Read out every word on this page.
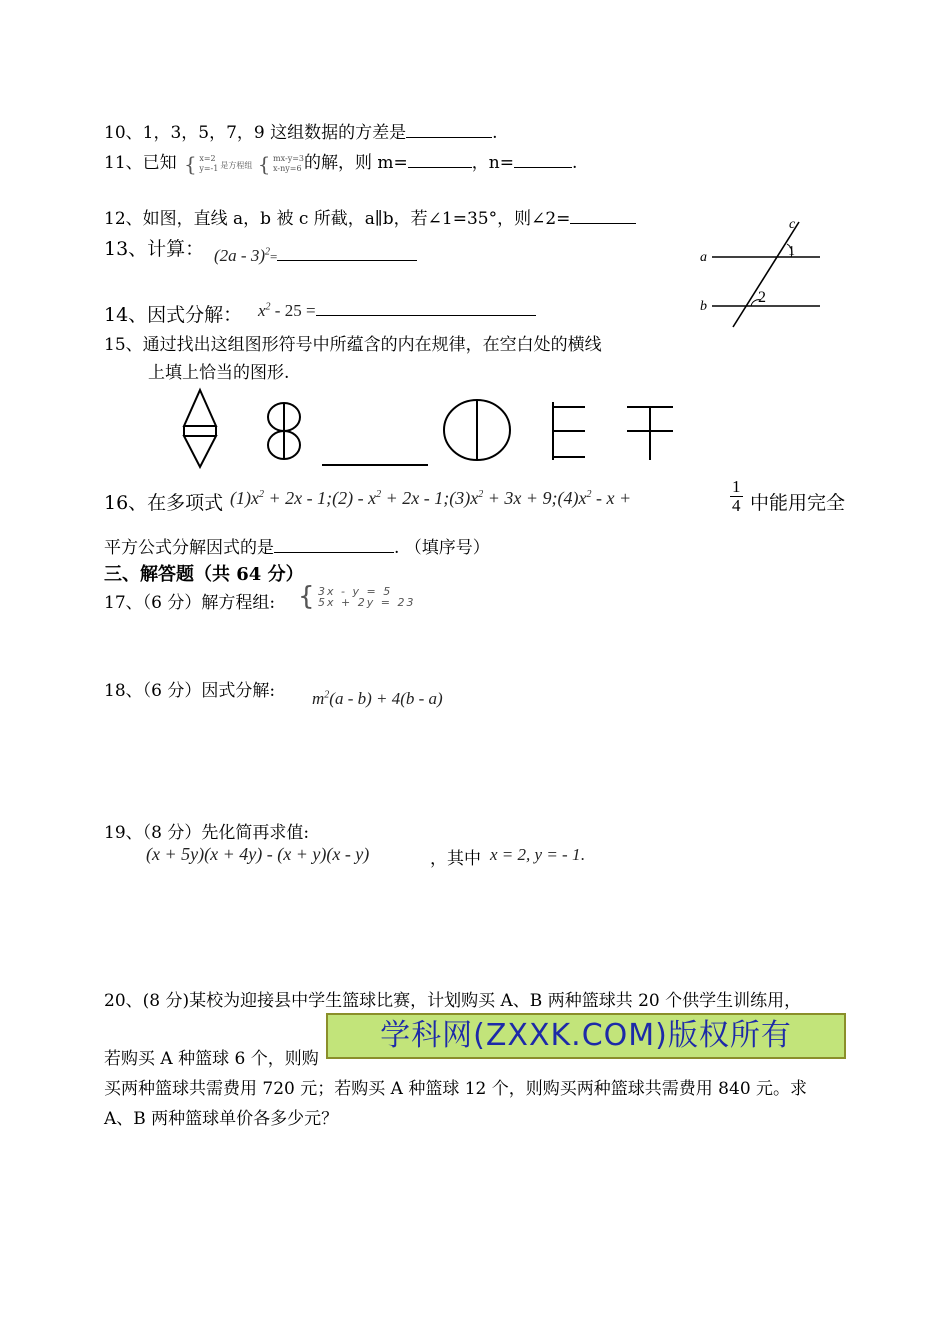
10、1，3，5，7，9 这组数据的方差是	.
11、已知 { x=2
y=-1 是方程组 { mx-y=3
x-ny=6 的解，则 m=	，n=	.
12、如图，直线 a，b 被 c 所截，a∥b，若∠1=35°，则∠2=
13、计算： (2a - 3)$^2$=
14、因式分解： $x^2 - 25$ =
15、通过找出这组图形符号中所蕴含的内在规律，在空白处的横线
上填上恰当的图形.
a
b
c
1
2
16、在多项式 $(1)x^2 + 2x$ - 1;(2) - $x^2 + 2x$ - $1;(3)x^2 + 3x$ + $9;(4)x^2$ - x +	$\frac{1}{4}$ 中能用完全
平方公式分解因式的是	. （填序号）
三、解答题（共 64 分）
17、（6 分）解方程组: { 3x - y = 5
5x + 2y = 23
18、（6 分）因式分解: $m^2(a - b) + 4(b - a)$
19、（8 分）先化简再求值:
(x + 5y)(x + 4y) - (x + y)(x - y)	，其中 x = 2, y = - 1.
20、(8 分)某校为迎接县中学生篮球比赛，计划购买 A、B 两种篮球共 20 个供学生训练用，
若购买 A 种篮球 6 个，则购
买两种篮球共需费用 720 元；若购买 A 种篮球 12 个，则购买两种篮球共需费用 840 元。求
A、B 两种篮球单价各多少元？
学科网(ZXXK.COM)版权所有
